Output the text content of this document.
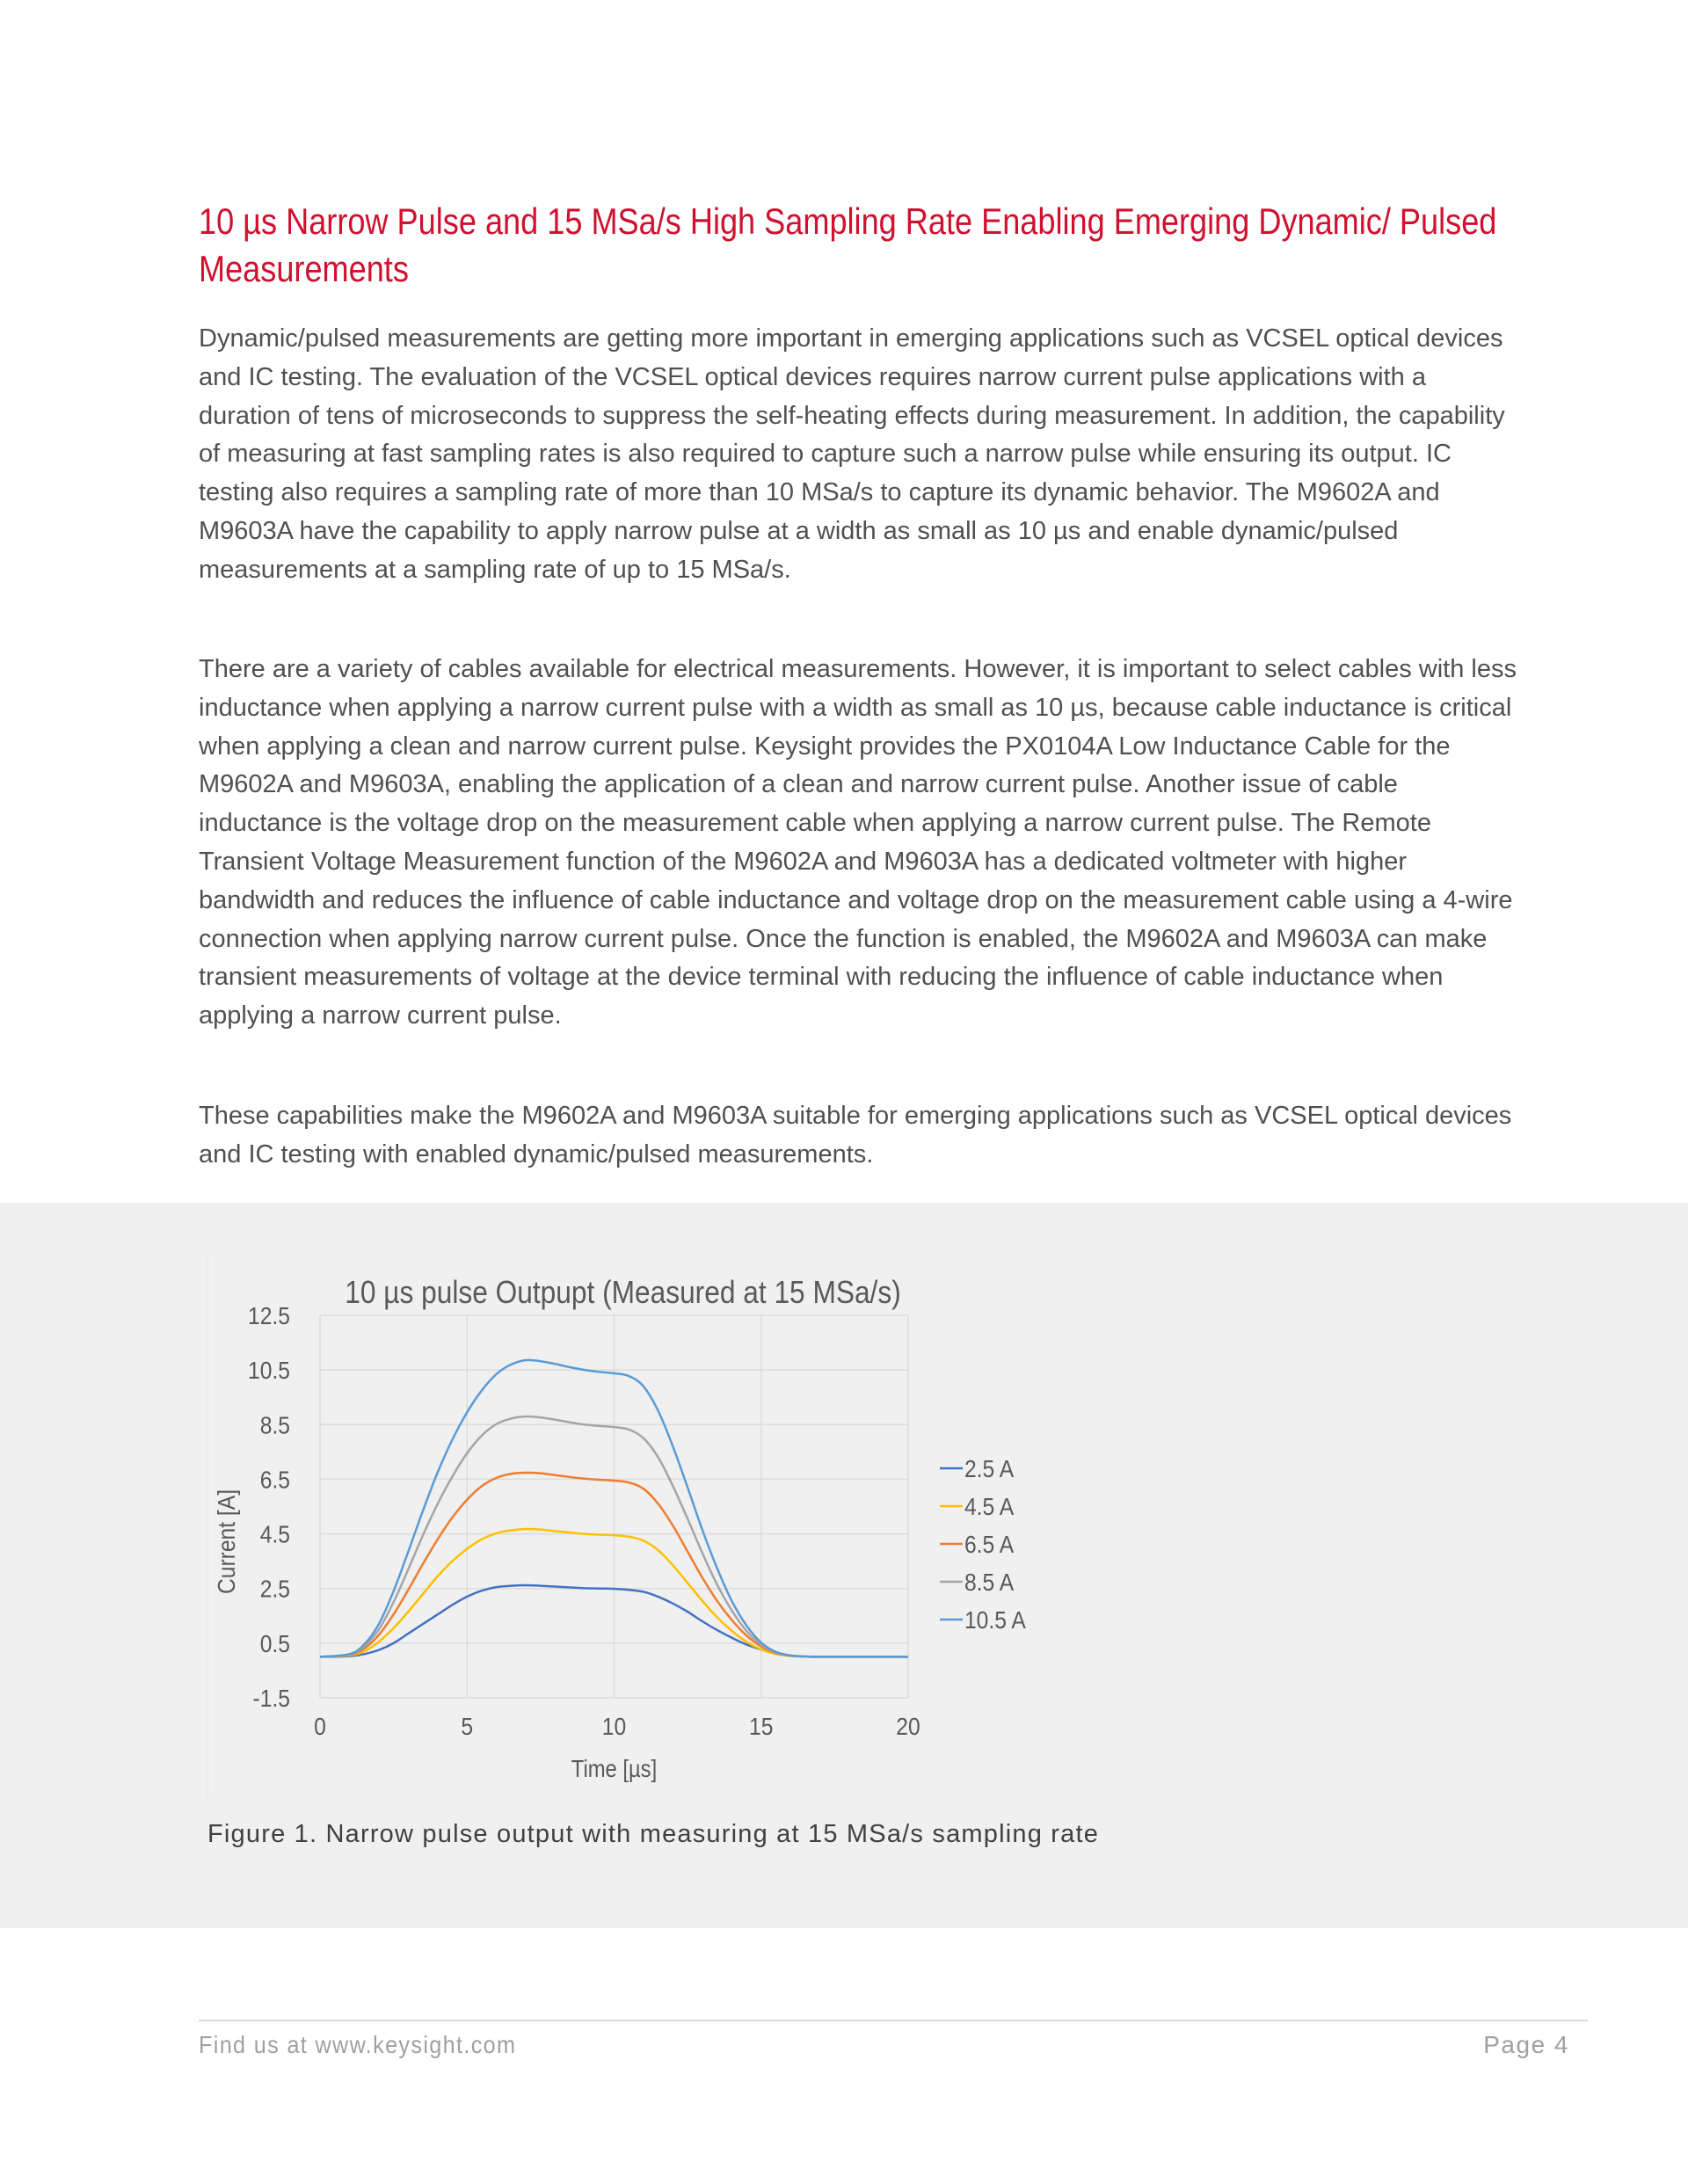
10 µs Narrow Pulse and 15 MSa/s High Sampling Rate Enabling Emerging Dynamic/ Pulsed Measurements

Dynamic/pulsed measurements are getting more important in emerging applications such as VCSEL optical devices and IC testing. The evaluation of the VCSEL optical devices requires narrow current pulse applications with a duration of tens of microseconds to suppress the self-heating effects during measurement. In addition, the capability of measuring at fast sampling rates is also required to capture such a narrow pulse while ensuring its output. IC testing also requires a sampling rate of more than 10 MSa/s to capture its dynamic behavior. The M9602A and M9603A have the capability to apply narrow pulse at a width as small as 10 µs and enable dynamic/pulsed measurements at a sampling rate of up to 15 MSa/s.

There are a variety of cables available for electrical measurements. However, it is important to select cables with less inductance when applying a narrow current pulse with a width as small as 10 µs, because cable inductance is critical when applying a clean and narrow current pulse. Keysight provides the PX0104A Low Inductance Cable for the M9602A and M9603A, enabling the application of a clean and narrow current pulse. Another issue of cable inductance is the voltage drop on the measurement cable when applying a narrow current pulse. The Remote Transient Voltage Measurement function of the M9602A and M9603A has a dedicated voltmeter with higher bandwidth and reduces the influence of cable inductance and voltage drop on the measurement cable using a 4-wire connection when applying narrow current pulse. Once the function is enabled, the M9602A and M9603A can make transient measurements of voltage at the device terminal with reducing the influence of cable inductance when applying a narrow current pulse.

These capabilities make the M9602A and M9603A suitable for emerging applications such as VCSEL optical devices and IC testing with enabled dynamic/pulsed measurements.

10 µs pulse Outpupt (Measured at 15 MSa/s)
-1.5
0.5
2.5
4.5
6.5
8.5
10.5
12.5
0	5	10	15	20
Time [µs]
Current [A]
2.5 A
4.5 A
6.5 A
8.5 A
10.5 A

Figure 1. Narrow pulse output with measuring at 15 MSa/s sampling rate

Find us at www.keysight.com	Page 4
